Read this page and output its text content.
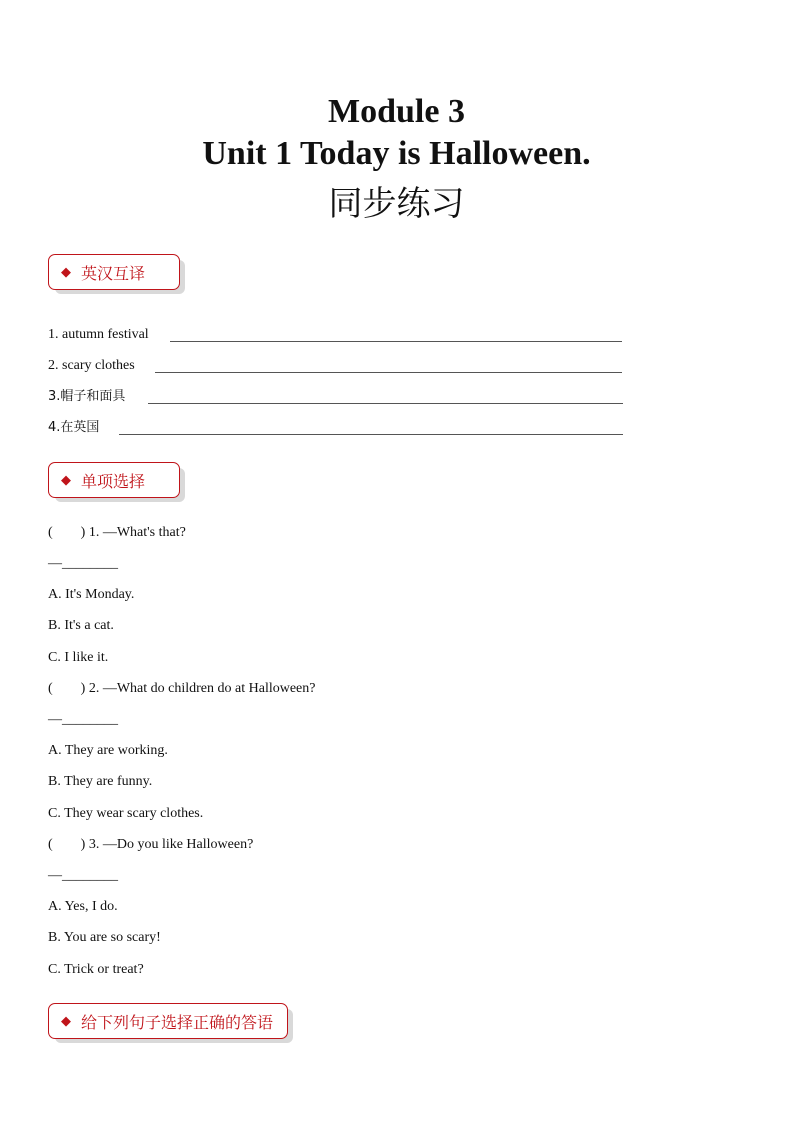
Module 3
Unit 1 Today is Halloween.
同步练习
◆ 英汉互译
1. autumn festival
2. scary clothes
3.帽子和面具
4.在英国
◆ 单项选择
(        ) 1. —What's that?
—________
A. It's Monday.
B. It's a cat.
C. I like it.
(        ) 2. —What do children do at Halloween?
—________
A. They are working.
B. They are funny.
C. They wear scary clothes.
(        ) 3. —Do you like Halloween?
—________
A. Yes, I do.
B. You are so scary!
C. Trick or treat?
◆ 给下列句子选择正确的答语
